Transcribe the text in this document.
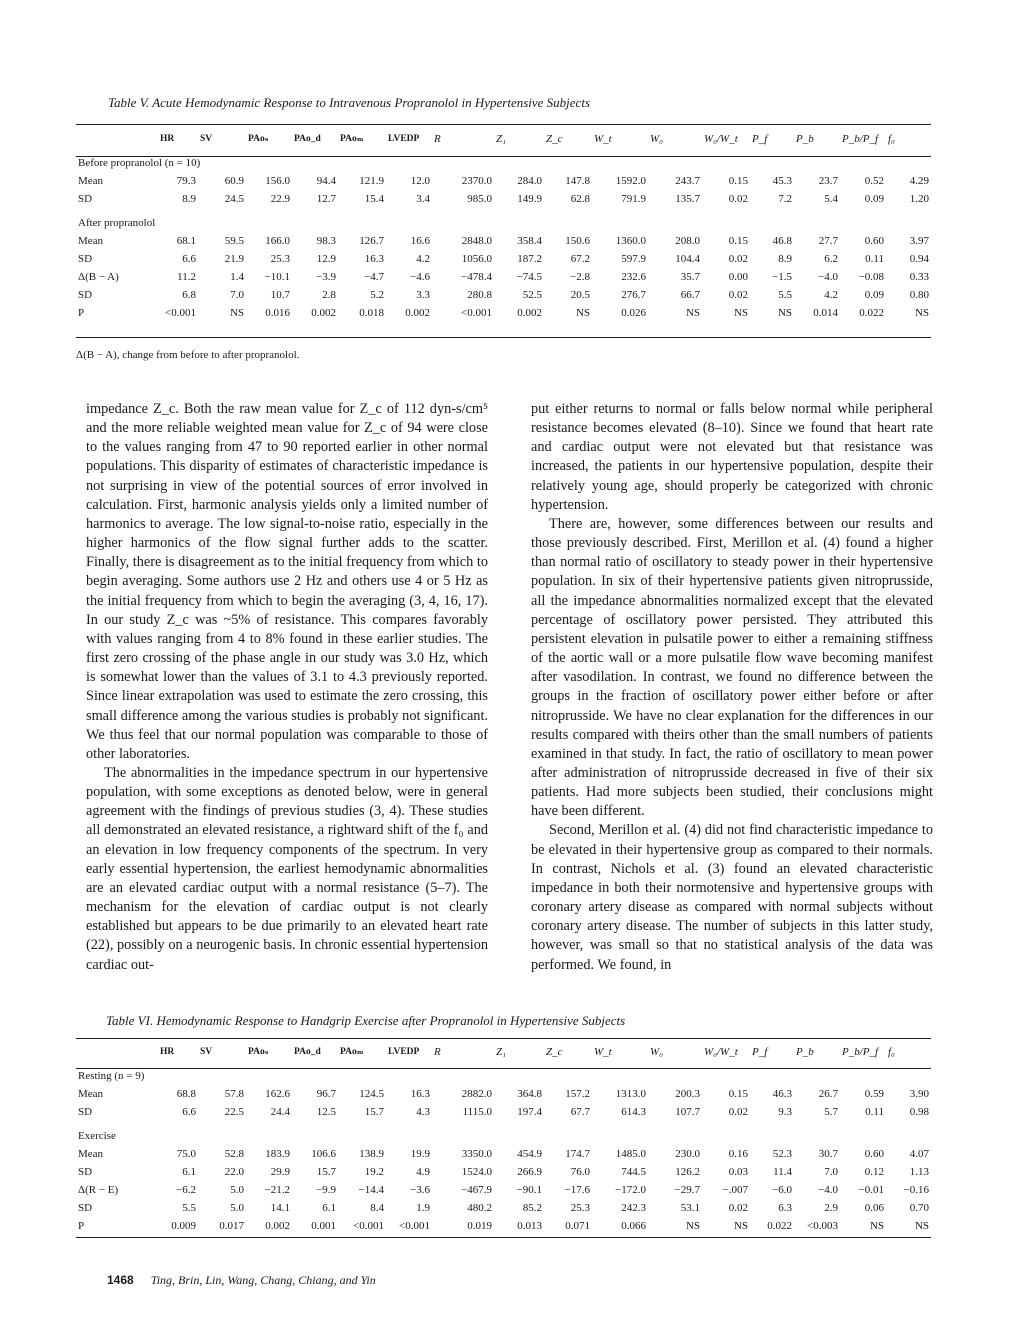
Table V. Acute Hemodynamic Response to Intravenous Propranolol in Hypertensive Subjects
	HR	SV	PAoₛ	PAo_d	PAoₘ	LVEDP	R	Z₁	Z_c	W_t	W₀	W₀/W_t	P_f	P_b	P_b/P_f	f₀
Before propranolol (n = 10)																
Mean	79.3	60.9	156.0	94.4	121.9	12.0	2370.0	284.0	147.8	1592.0	243.7	0.15	45.3	23.7	0.52	4.29
SD	8.9	24.5	22.9	12.7	15.4	3.4	985.0	149.9	62.8	791.9	135.7	0.02	7.2	5.4	0.09	1.20
After propranolol																
Mean	68.1	59.5	166.0	98.3	126.7	16.6	2848.0	358.4	150.6	1360.0	208.0	0.15	46.8	27.7	0.60	3.97
SD	6.6	21.9	25.3	12.9	16.3	4.2	1056.0	187.2	67.2	597.9	104.4	0.02	8.9	6.2	0.11	0.94
Δ(B − A)	11.2	1.4	−10.1	−3.9	−4.7	−4.6	−478.4	−74.5	−2.8	232.6	35.7	0.00	−1.5	−4.0	−0.08	0.33
SD	6.8	7.0	10.7	2.8	5.2	3.3	280.8	52.5	20.5	276.7	66.7	0.02	5.5	4.2	0.09	0.80
P	<0.001	NS	0.016	0.002	0.018	0.002	<0.001	0.002	NS	0.026	NS	NS	NS	0.014	0.022	NS
Δ(B − A), change from before to after propranolol.

impedance Z_c. Both the raw mean value for Z_c of 112 dyn-s/cm⁵ and the more reliable weighted mean value for Z_c of 94 were close to the values ranging from 47 to 90 reported earlier in other normal populations. This disparity of estimates of characteristic impedance is not surprising in view of the potential sources of error involved in calculation. First, harmonic analysis yields only a limited number of harmonics to average. The low signal-to-noise ratio, especially in the higher harmonics of the flow signal further adds to the scatter. Finally, there is disagreement as to the initial frequency from which to begin averaging. Some authors use 2 Hz and others use 4 or 5 Hz as the initial frequency from which to begin the averaging (3, 4, 16, 17). In our study Z_c was ~5% of resistance. This compares favorably with values ranging from 4 to 8% found in these earlier studies. The first zero crossing of the phase angle in our study was 3.0 Hz, which is somewhat lower than the values of 3.1 to 4.3 previously reported. Since linear extrapolation was used to estimate the zero crossing, this small difference among the various studies is probably not significant. We thus feel that our normal population was comparable to those of other laboratories.

The abnormalities in the impedance spectrum in our hypertensive population, with some exceptions as denoted below, were in general agreement with the findings of previous studies (3, 4). These studies all demonstrated an elevated resistance, a rightward shift of the f₀ and an elevation in low frequency components of the spectrum. In very early essential hypertension, the earliest hemodynamic abnormalities are an elevated cardiac output with a normal resistance (5–7). The mechanism for the elevation of cardiac output is not clearly established but appears to be due primarily to an elevated heart rate (22), possibly on a neurogenic basis. In chronic essential hypertension cardiac out-

put either returns to normal or falls below normal while peripheral resistance becomes elevated (8–10). Since we found that heart rate and cardiac output were not elevated but that resistance was increased, the patients in our hypertensive population, despite their relatively young age, should properly be categorized with chronic hypertension.

There are, however, some differences between our results and those previously described. First, Merillon et al. (4) found a higher than normal ratio of oscillatory to steady power in their hypertensive population. In six of their hypertensive patients given nitroprusside, all the impedance abnormalities normalized except that the elevated percentage of oscillatory power persisted. They attributed this persistent elevation in pulsatile power to either a remaining stiffness of the aortic wall or a more pulsatile flow wave becoming manifest after vasodilation. In contrast, we found no difference between the groups in the fraction of oscillatory power either before or after nitroprusside. We have no clear explanation for the differences in our results compared with theirs other than the small numbers of patients examined in that study. In fact, the ratio of oscillatory to mean power after administration of nitroprusside decreased in five of their six patients. Had more subjects been studied, their conclusions might have been different.

Second, Merillon et al. (4) did not find characteristic impedance to be elevated in their hypertensive group as compared to their normals. In contrast, Nichols et al. (3) found an elevated characteristic impedance in both their normotensive and hypertensive groups with coronary artery disease as compared with normal subjects without coronary artery disease. The number of subjects in this latter study, however, was small so that no statistical analysis of the data was performed. We found, in

Table VI. Hemodynamic Response to Handgrip Exercise after Propranolol in Hypertensive Subjects
	HR	SV	PAoₛ	PAo_d	PAoₘ	LVEDP	R	Z₁	Z_c	W_t	W₀	W₀/W_t	P_f	P_b	P_b/P_f	f₀
Resting (n = 9)																
Mean	68.8	57.8	162.6	96.7	124.5	16.3	2882.0	364.8	157.2	1313.0	200.3	0.15	46.3	26.7	0.59	3.90
SD	6.6	22.5	24.4	12.5	15.7	4.3	1115.0	197.4	67.7	614.3	107.7	0.02	9.3	5.7	0.11	0.98
Exercise																
Mean	75.0	52.8	183.9	106.6	138.9	19.9	3350.0	454.9	174.7	1485.0	230.0	0.16	52.3	30.7	0.60	4.07
SD	6.1	22.0	29.9	15.7	19.2	4.9	1524.0	266.9	76.0	744.5	126.2	0.03	11.4	7.0	0.12	1.13
Δ(R − E)	−6.2	5.0	−21.2	−9.9	−14.4	−3.6	−467.9	−90.1	−17.6	−172.0	−29.7	−.007	−6.0	−4.0	−0.01	−0.16
SD	5.5	5.0	14.1	6.1	8.4	1.9	480.2	85.2	25.3	242.3	53.1	0.02	6.3	2.9	0.06	0.70
P	0.009	0.017	0.002	0.001	<0.001	<0.001	0.019	0.013	0.071	0.066	NS	NS	0.022	<0.003	NS	NS
1468 Ting, Brin, Lin, Wang, Chang, Chiang, and Yin
